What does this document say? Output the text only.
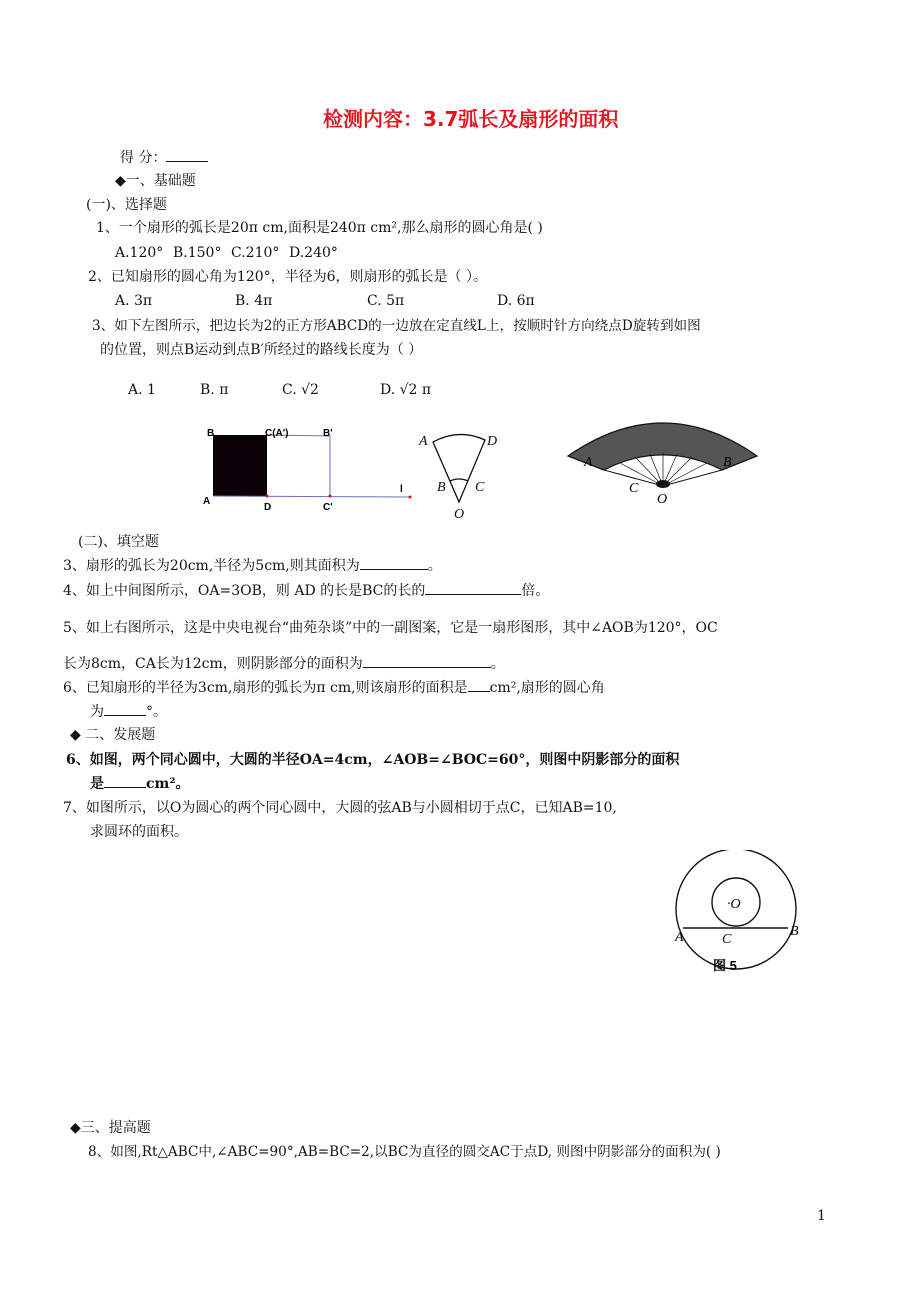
检测内容：3.7弧长及扇形的面积
得 分：
◆一、基础题
(一)、选择题
1、一个扇形的弧长是20π cm,面积是240π cm²,那么扇形的圆心角是( )
A.120° B.150° C.210° D.240°
2、已知扇形的圆心角为120°，半径为6，则扇形的弧长是（ ）。
A. 3π	B. 4π	C. 5π	D. 6π
3、如下左图所示，把边长为2的正方形ABCD的一边放在定直线L上，按顺时针方向绕点D旋转到如图
的位置，则点B运动到点B′所经过的路线长度为（ ）
A. 1	B. π	C. √2	D. √2 π
B	C(A')	B'
A
D	C'
l
A	D
B C
O
A	B
C
O
(二)、填空题
3、扇形的弧长为20cm,半径为5cm,则其面积为	。
4、如上中间图所示，OA=3OB，则 AD 的长是BC的长的	倍。
5、如上右图所示，这是中央电视台“曲苑杂谈”中的一副图案，它是一扇形图形，其中∠AOB为120°，OC
长为8cm，CA长为12cm，则阴影部分的面积为	。
6、已知扇形的半径为3cm,扇形的弧长为π cm,则该扇形的面积是 cm²,扇形的圆心角
为	°。
◆ 二、发展题
6、如图，两个同心圆中，大圆的半径OA=4cm，∠AOB=∠BOC=60°，则图中阴影部分的面积
是	cm²。
7、如图所示，以O为圆心的两个同心圆中，大圆的弦AB与小圆相切于点C，已知AB=10,
求圆环的面积。
·O
A	B
C
图 5
◆三、提高题
8、如图,Rt△ABC中,∠ABC=90°,AB=BC=2,以BC为直径的圆交AC于点D, 则图中阴影部分的面积为( )
1
